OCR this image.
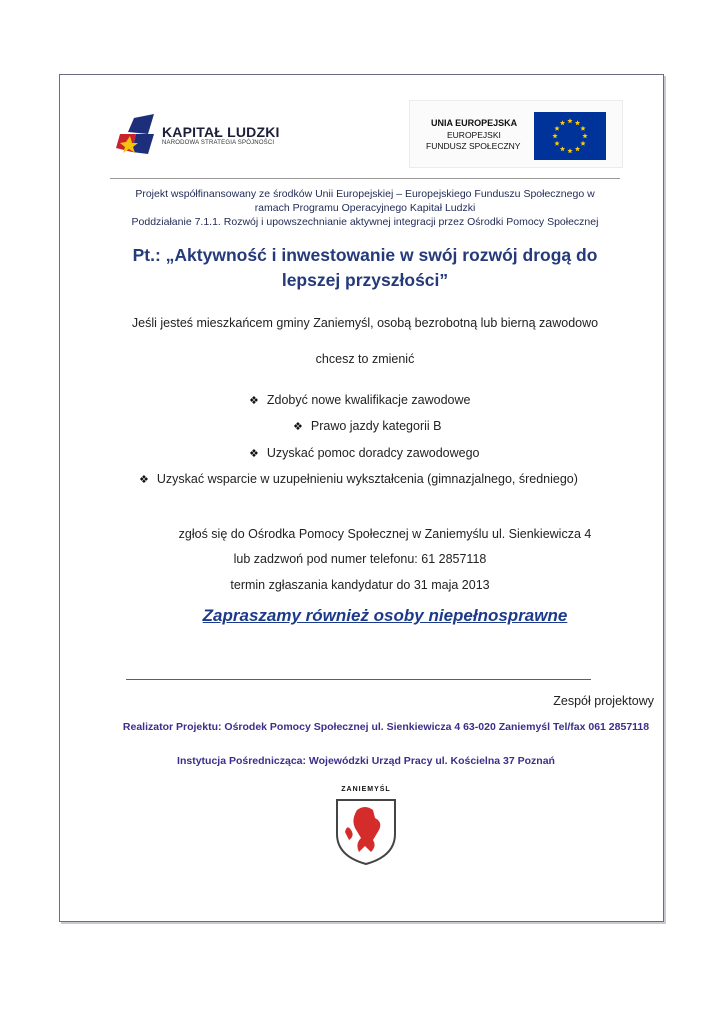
KAPITAŁ LUDZKI
NARODOWA STRATEGIA SPÓJNOŚCI
UNIA EUROPEJSKA
EUROPEJSKI
FUNDUSZ SPOŁECZNY
Projekt współfinansowany ze środków Unii Europejskiej – Europejskiego Funduszu Społecznego w
ramach Programu Operacyjnego Kapitał Ludzki
Poddziałanie 7.1.1. Rozwój i upowszechnianie aktywnej integracji przez Ośrodki Pomocy Społecznej
Pt.: „Aktywność i inwestowanie w swój rozwój drogą do
lepszej przyszłości”
Jeśli jesteś mieszkańcem gminy Zaniemyśl, osobą bezrobotną lub bierną zawodowo
chcesz to zmienić
❖ Zdobyć nowe kwalifikacje zawodowe
❖ Prawo jazdy kategorii B
❖ Uzyskać pomoc doradcy zawodowego
❖ Uzyskać wsparcie w uzupełnieniu wykształcenia (gimnazjalnego, średniego)
zgłoś się do Ośrodka Pomocy Społecznej w Zaniemyślu ul. Sienkiewicza 4
lub zadzwoń pod numer telefonu: 61 2857118
termin zgłaszania kandydatur do 31 maja 2013
Zapraszamy również osoby niepełnosprawne
Zespół projektowy
Realizator Projektu: Ośrodek Pomocy Społecznej ul. Sienkiewicza 4 63-020 Zaniemyśl Tel/fax 061 2857118
Instytucja Pośrednicząca: Wojewódzki Urząd Pracy ul. Kościelna 37 Poznań
ZANIEMYŚL
